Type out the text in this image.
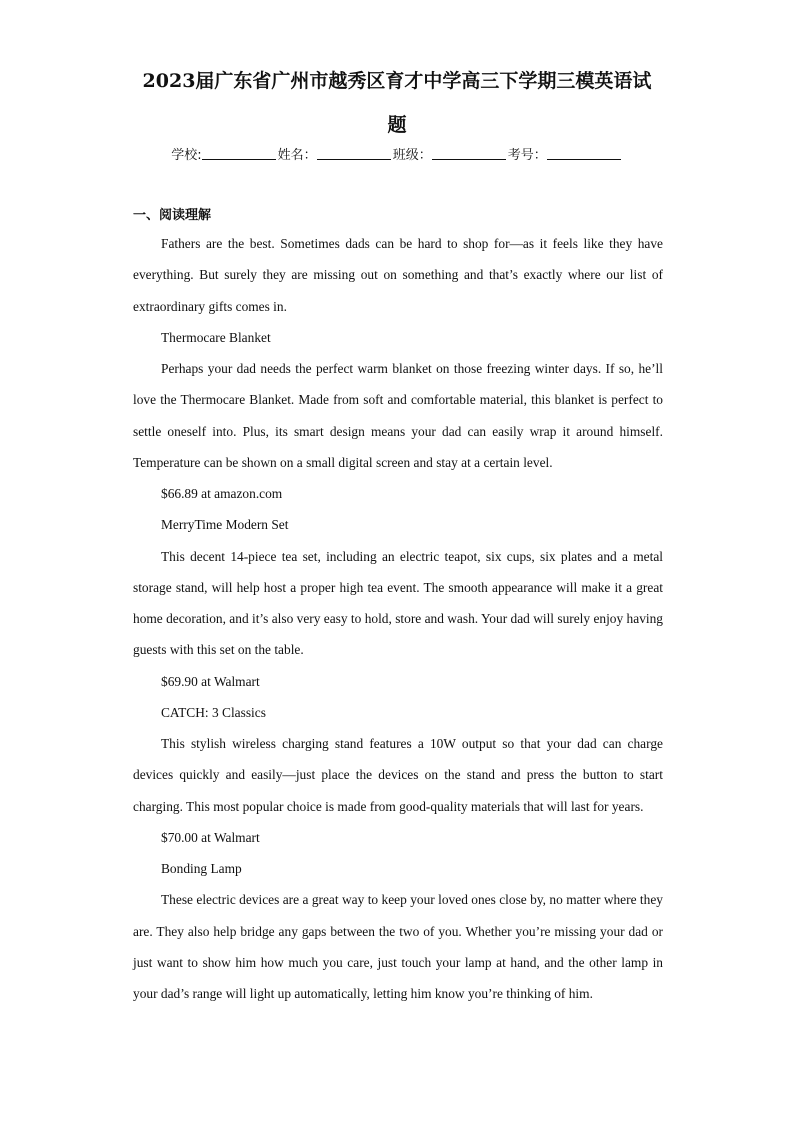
2023届广东省广州市越秀区育才中学高三下学期三模英语试
题
学校:	姓名：	班级：	考号：
一、阅读理解

Fathers are the best. Sometimes dads can be hard to shop for—as it feels like they have everything. But surely they are missing out on something and that’s exactly where our list of extraordinary gifts comes in.

Thermocare Blanket

Perhaps your dad needs the perfect warm blanket on those freezing winter days. If so, he’ll love the Thermocare Blanket. Made from soft and comfortable material, this blanket is perfect to settle oneself into. Plus, its smart design means your dad can easily wrap it around himself. Temperature can be shown on a small digital screen and stay at a certain level.

$66.89 at amazon.com

MerryTime Modern Set

This decent 14-piece tea set, including an electric teapot, six cups, six plates and a metal storage stand, will help host a proper high tea event. The smooth appearance will make it a great home decoration, and it’s also very easy to hold, store and wash. Your dad will surely enjoy having guests with this set on the table.

$69.90 at Walmart

CATCH: 3 Classics

This stylish wireless charging stand features a 10W output so that your dad can charge devices quickly and easily—just place the devices on the stand and press the button to start charging. This most popular choice is made from good-quality materials that will last for years.

$70.00 at Walmart

Bonding Lamp

These electric devices are a great way to keep your loved ones close by, no matter where they are. They also help bridge any gaps between the two of you. Whether you’re missing your dad or just want to show him how much you care, just touch your lamp at hand, and the other lamp in your dad’s range will light up automatically, letting him know you’re thinking of him.
